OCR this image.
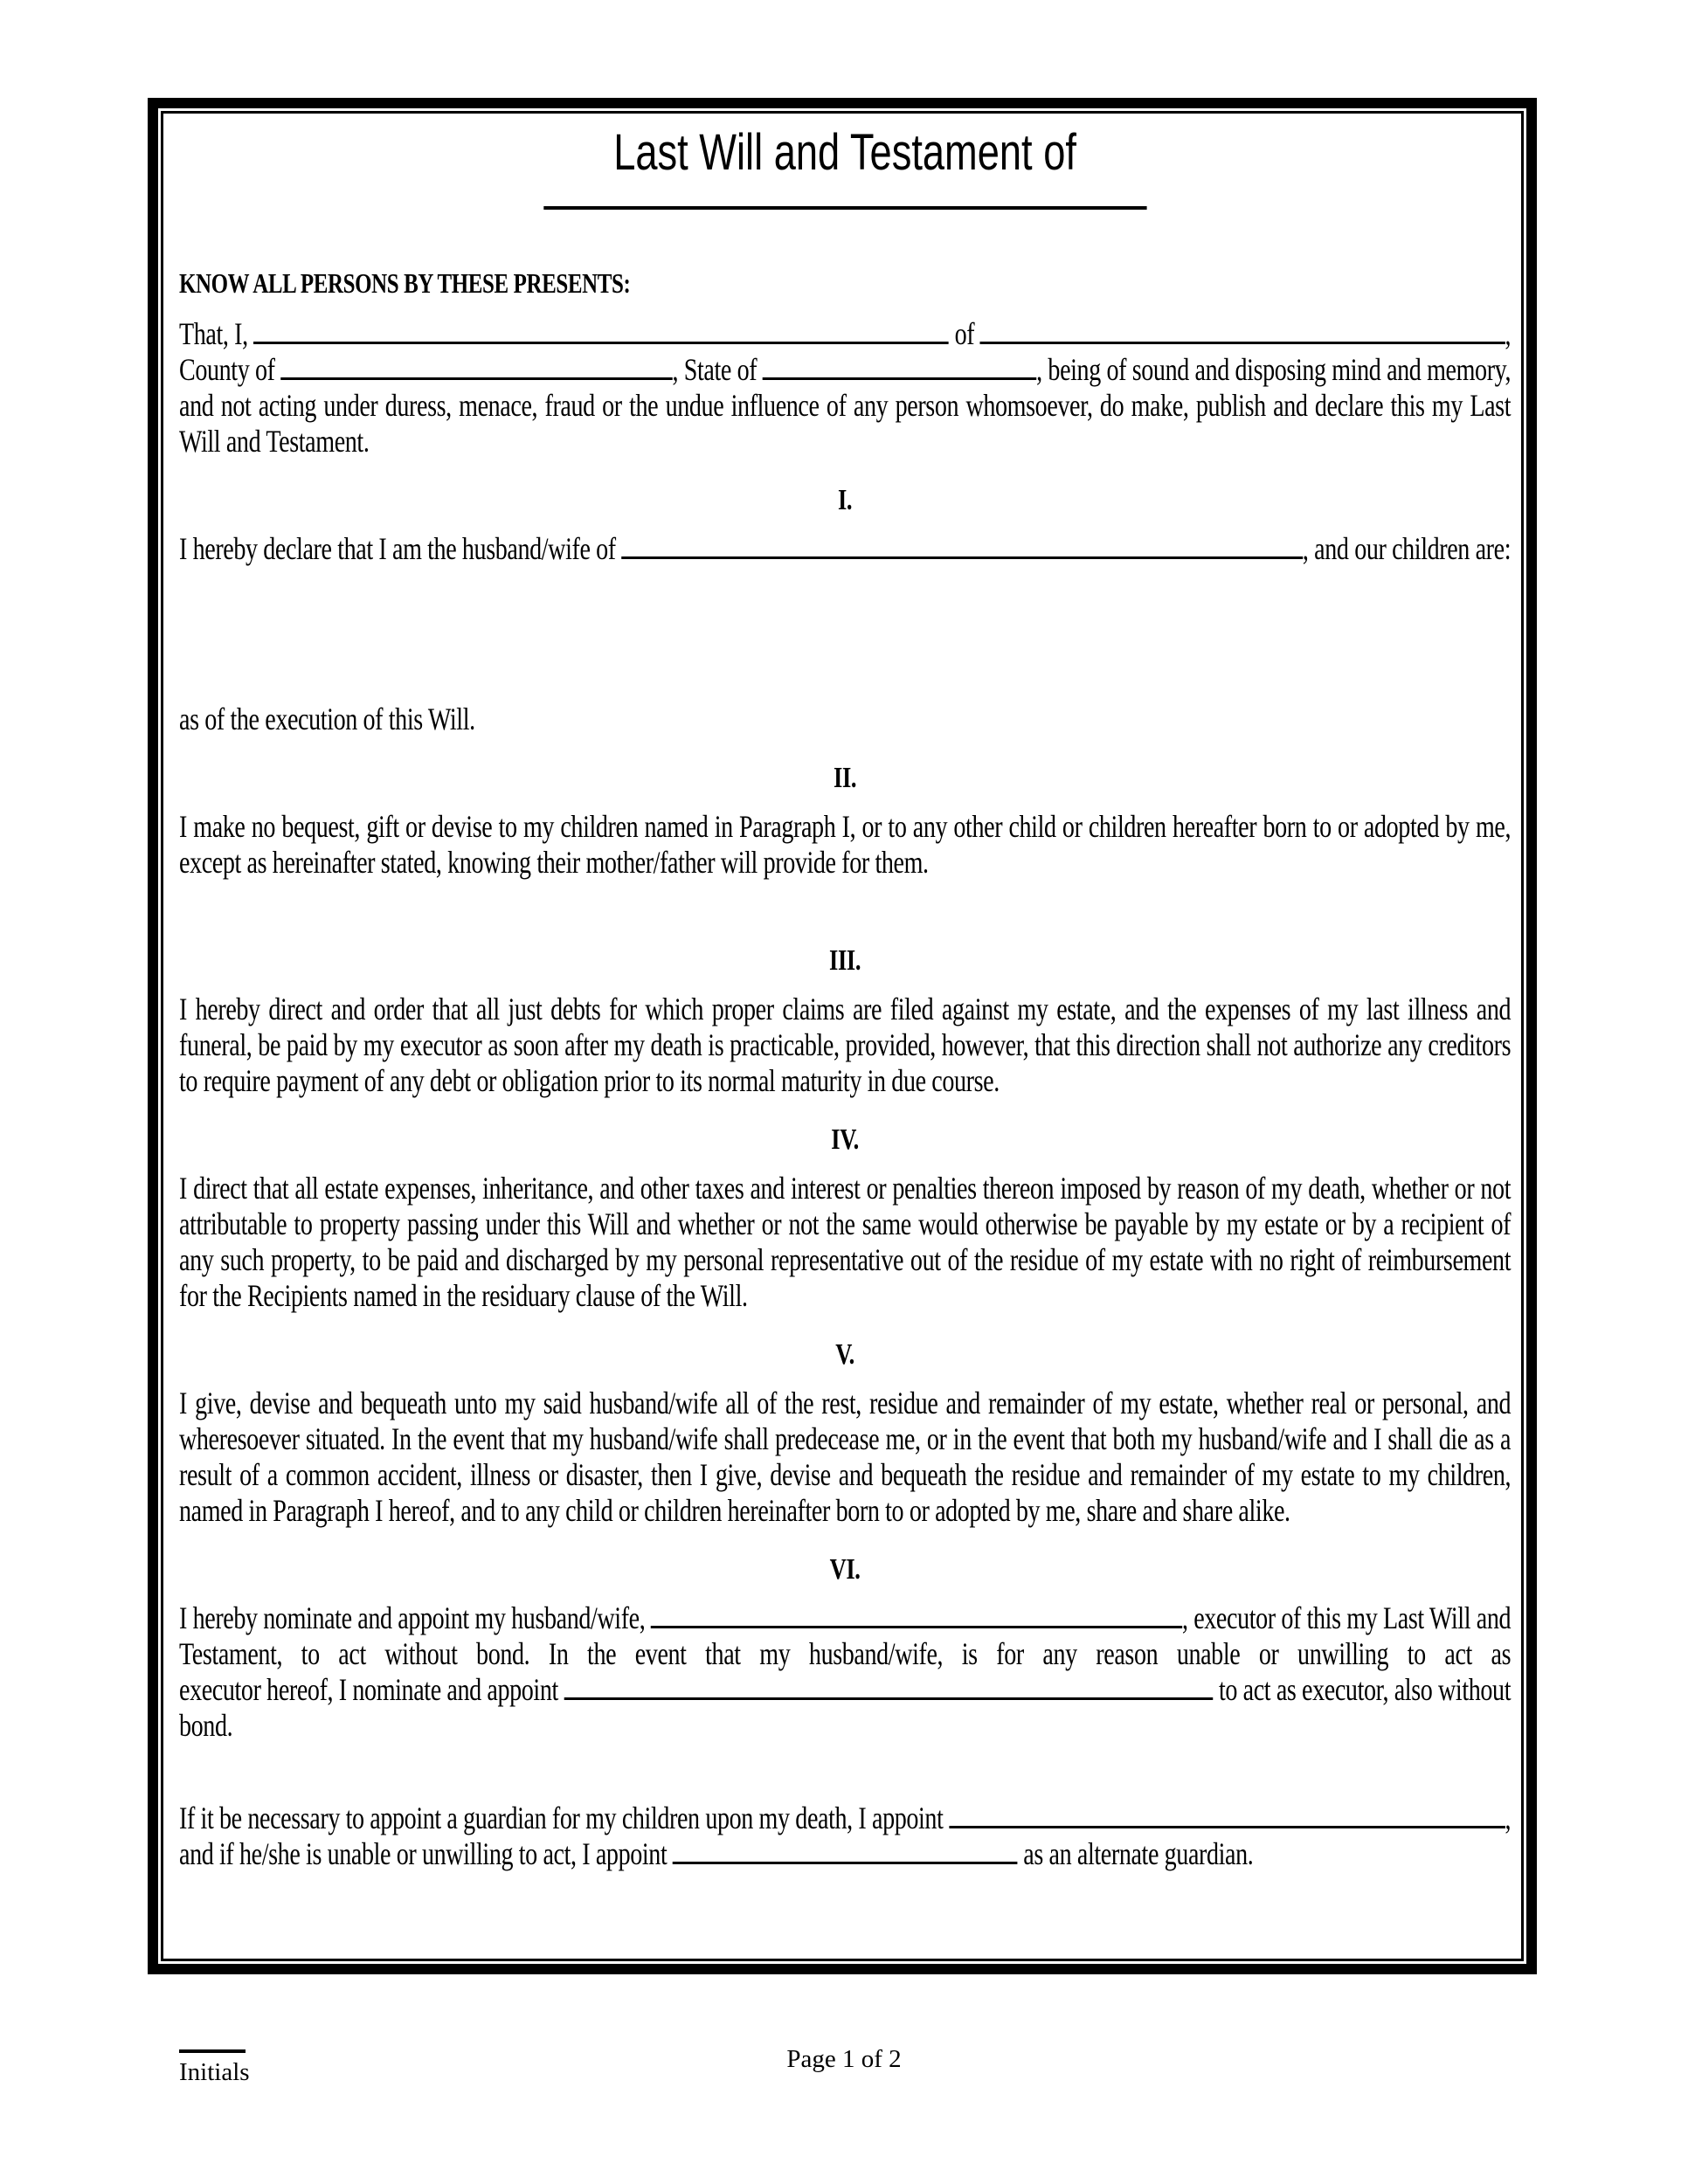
Last Will and Testament of
KNOW ALL PERSONS BY THESE PRESENTS:
That, I,	of	,
County of	, State of	, being of sound and disposing mind and memory,
and not acting under duress, menace, fraud or the undue influence of any person whomsoever, do make, publish and declare this my Last Will and Testament.
I.
I hereby declare that I am the husband/wife of	, and our children are:
as of the execution of this Will.
II.
I make no bequest, gift or devise to my children named in Paragraph I, or to any other child or children hereafter born to or adopted by me, except as hereinafter stated, knowing their mother/father will provide for them.
III.
I hereby direct and order that all just debts for which proper claims are filed against my estate, and the expenses of my last illness and funeral, be paid by my executor as soon after my death is practicable, provided, however, that this direction shall not authorize any creditors to require payment of any debt or obligation prior to its normal maturity in due course.
IV.
I direct that all estate expenses, inheritance, and other taxes and interest or penalties thereon imposed by reason of my death, whether or not attributable to property passing under this Will and whether or not the same would otherwise be payable by my estate or by a recipient of any such property, to be paid and discharged by my personal representative out of the residue of my estate with no right of reimbursement for the Recipients named in the residuary clause of the Will.
V.
I give, devise and bequeath unto my said husband/wife all of the rest, residue and remainder of my estate, whether real or personal, and wheresoever situated. In the event that my husband/wife shall predecease me, or in the event that both my husband/wife and I shall die as a result of a common accident, illness or disaster, then I give, devise and bequeath the residue and remainder of my estate to my children, named in Paragraph I hereof, and to any child or children hereinafter born to or adopted by me, share and share alike.
VI.
I hereby nominate and appoint my husband/wife,	, executor of this my Last Will and
Testament, to act without bond. In the event that my husband/wife, is for any reason unable or unwilling to act as
executor hereof, I nominate and appoint	to act as executor, also without
bond.
If it be necessary to appoint a guardian for my children upon my death, I appoint	,
and if he/she is unable or unwilling to act, I appoint	as an alternate guardian.
Initials	Page 1 of 2
